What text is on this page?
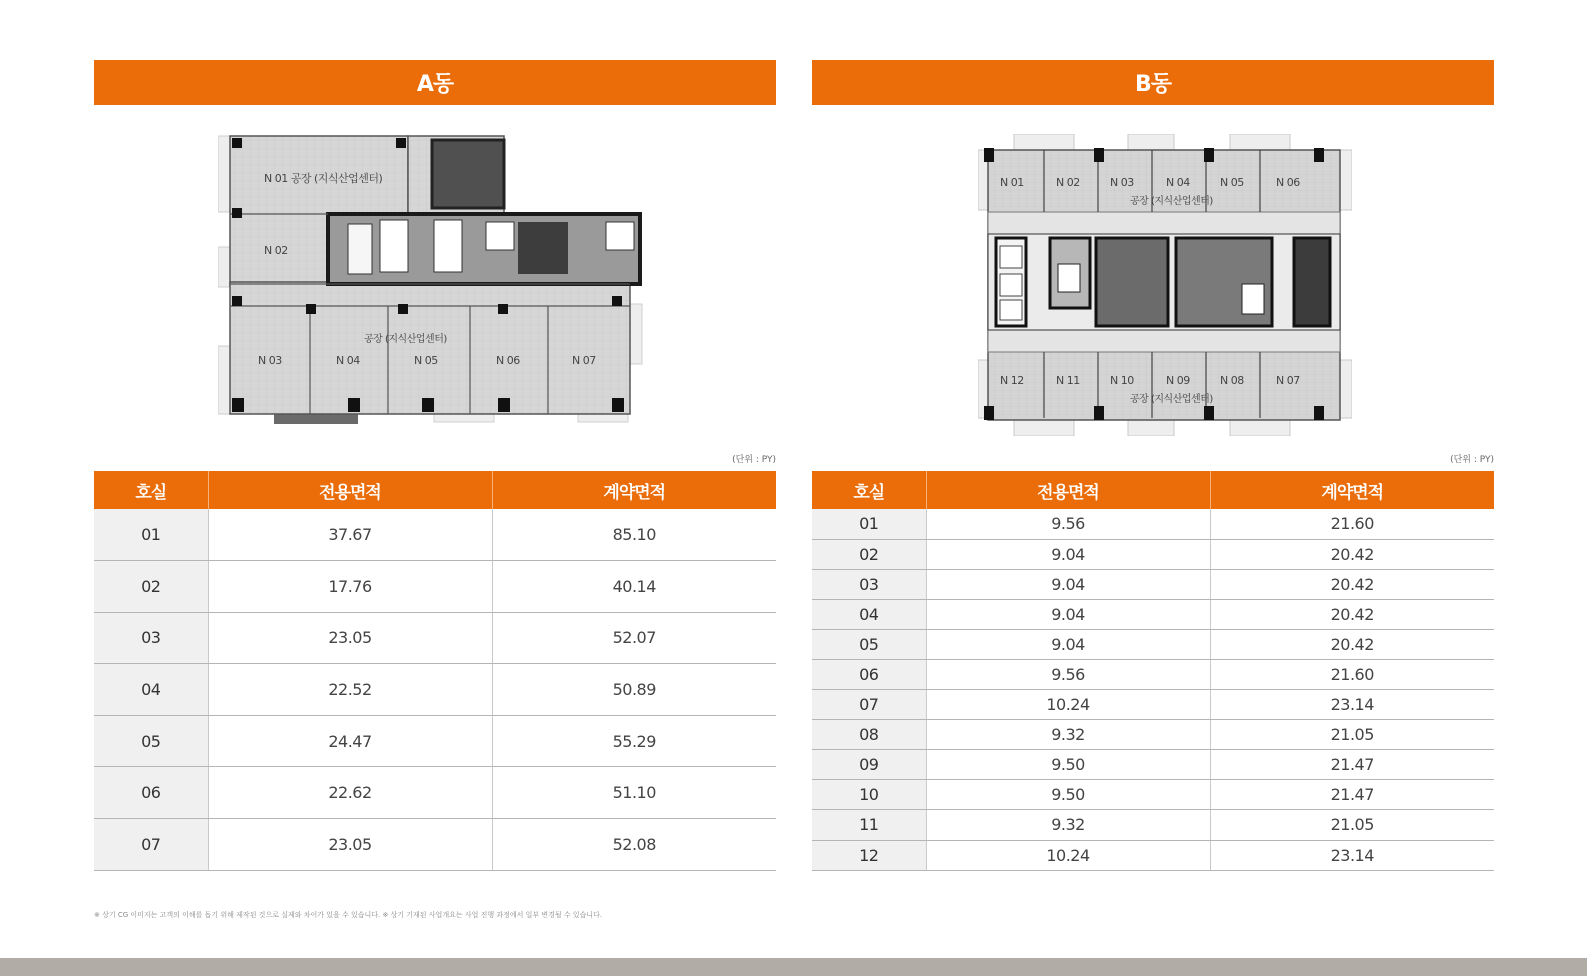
A동	B동
N 01 공장 (지식산업센터)
N 02
공장 (지식산업센터)
N 03	N 04	N 05	N 06	N 07
N 01	N 02	N 03	N 04	N 05	N 06
공장 (지식산업센터)
N 12	N 11	N 10	N 09	N 08	N 07
공장 (지식산업센터)
(단위 : PY)	(단위 : PY)
호실	전용면적	계약면적
01	37.67	85.10
02	17.76	40.14
03	23.05	52.07
04	22.52	50.89
05	24.47	55.29
06	22.62	51.10
07	23.05	52.08
호실	전용면적	계약면적
01	9.56	21.60
02	9.04	20.42
03	9.04	20.42
04	9.04	20.42
05	9.04	20.42
06	9.56	21.60
07	10.24	23.14
08	9.32	21.05
09	9.50	21.47
10	9.50	21.47
11	9.32	21.05
12	10.24	23.14
※ 상기 CG 이미지는 고객의 이해를 돕기 위해 제작된 것으로 실제와 차이가 있을 수 있습니다. ※ 상기 기재된 사업개요는 사업 진행 과정에서 일부 변경될 수 있습니다.
